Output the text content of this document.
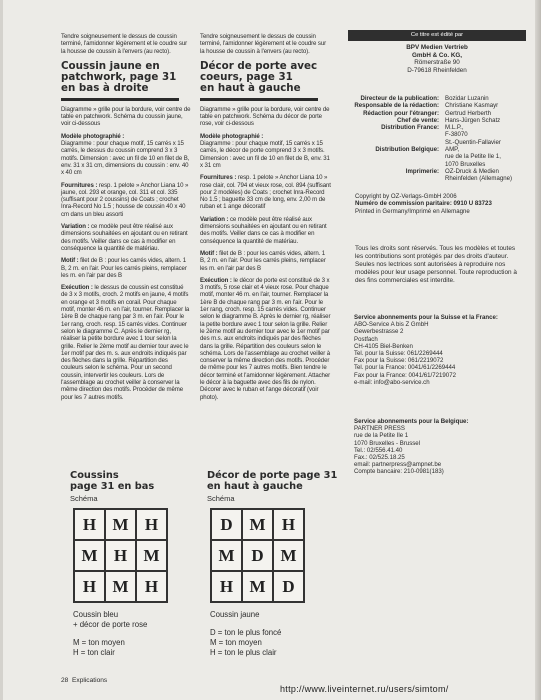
Tendre soigneusement le dessus de coussin terminé, l'amidonner légèrement et le coudre sur la housse de coussin à l'envers (au recto).

Coussin jaune en
patchwork, page 31
en bas à droite

Diagramme » grille pour la bordure, voir centre de table en patchwork. Schéma du coussin jaune, voir ci-dessous

Modèle photographié :
Diagramme : pour chaque motif, 15 carrés x 15 carrés, le dessus du coussin comprend 3 x 3 motifs. Dimension : avec un fil de 10 en filet de B, env. 31 x 31 cm, dimensions du coussin : env. 40 x 40 cm

Fournitures : resp. 1 pelote » Anchor Liana 10 » jaune, col. 293 et orange, col. 311 et col. 335 (suffisant pour 2 coussins) de Coats ; crochet Inra-Record No 1.5 ; housse de coussin 40 x 40 cm dans un bleu assorti

Variation : ce modèle peut être réalisé aux dimensions souhaitées en ajoutant ou en retirant des motifs. Veiller dans ce cas à modifier en conséquence la quantité de matériau.

Motif : filet de B : pour les carrés vides, altern. 1 B, 2 m. en l'air. Pour les carrés pleins, remplacer les m. en l'air par des B

Exécution : le dessus de coussin est constitué de 3 x 3 motifs, croch. 2 motifs en jaune, 4 motifs en orange et 3 motifs en corail. Pour chaque motif, monter 46 m. en l'air, tourner. Remplacer la 1ère B de chaque rang par 3 m. en l'air. Pour le 1er rang, croch. resp. 15 carrés vides. Continuer selon le diagramme C. Après le dernier rg, réaliser la petite bordure avec 1 tour selon la grille. Relier le 2ème motif au dernier tour avec le 1er motif par des m. s. aux endroits indiqués par des flèches dans la grille. Répartition des couleurs selon le schéma. Pour un second coussin, intervertir les couleurs. Lors de l'assemblage au crochet veiller à conserver la même direction des motifs. Procéder de même pour les 7 autres motifs.

Tendre soigneusement le dessus de coussin terminé, l'amidonner légèrement et le coudre sur la housse de coussin à l'envers (au recto).

Décor de porte avec
coeurs, page 31
en haut à gauche

Diagramme » grille pour la bordure, voir centre de table en patchwork. Schéma du décor de porte rose, voir ci-dessous

Modèle photographié :
Diagramme : pour chaque motif, 15 carrés x 15 carrés, le décor de porte comprend 3 x 3 motifs. Dimension : avec un fil de 10 en filet de B, env. 31 x 31 cm

Fournitures : resp. 1 pelote » Anchor Liana 10 » rose clair, col. 794 et vieux rose, col. 894 (suffisant pour 2 modèles) de Coats ; crochet Inra-Record No 1.5 ; baguette 33 cm de long, env. 2,00 m de ruban et 1 ange décoratif

Variation : ce modèle peut être réalisé aux dimensions souhaitées en ajoutant ou en retirant des motifs. Veiller dans ce cas à modifier en conséquence la quantité de matériau.

Motif : filet de B : pour les carrés vides, altern. 1 B, 2 m. en l'air. Pour les carrés pleins, remplacer les m. en l'air par des B

Exécution : le décor de porte est constitué de 3 x 3 motifs, 5 rose clair et 4 vieux rose. Pour chaque motif, monter 46 m. en l'air, tourner. Remplacer la 1ère B de chaque rang par 3 m. en l'air. Pour le 1er rang, croch. resp. 15 carrés vides. Continuer selon le diagramme B. Après le dernier rg, réaliser la petite bordure avec 1 tour selon la grille. Relier le 2ème motif au dernier tour avec le 1er motif par des m.s. aux endroits indiqués par des flèches dans la grille. Répartition des couleurs selon le schéma. Lors de l'assemblage au crochet veiller à conserver la même direction des motifs. Procéder de même pour les 7 autres motifs. Bien tendre le décor terminé et l'amidonner légèrement. Attacher le décor à la baguette avec des fils de nylon. Décorer avec le ruban et l'ange décoratif (voir photo).

Ce titre est édité par
BPV Medien Vertrieb
GmbH & Co. KG,
Römerstraße 90
D-79618 Rheinfelden
Directeur de la publication: Bozidar Luzanin
Responsable de la rédaction: Christiane Kasmayr
Rédaction pour l'étranger: Gertrud Herberth
Chef de vente: Hans-Jürgen Schatz
Distribution France: M.L.P.,
F-38070
St.-Quentin-Fallavier
Distribution Belgique: AMP,
rue de la Petite Ile 1,
1070 Bruxelles
Imprimerie: OZ-Druck & Medien
Rheinfelden (Allemagne)
Copyright by OZ-Verlags-GmbH 2006
Numéro de commission paritaire: 0910 U 83723
Printed in Germany/Imprimé en Allemagne
Tous les droits sont réservés. Tous les modèles et toutes les contributions sont protégés par des droits d'auteur. Seules nos lectrices sont autorisées à reproduire nos modèles pour leur usage personnel. Toute reproduction à des fins commerciales est interdite.
Service abonnements pour la Suisse et la France:
ABO-Service A bis Z GmbH
Gewerbestrasse 2
Postfach
CH-4105 Biel-Benken
Tel. pour la Suisse: 061/2269444
Fax pour la Suisse: 061/2219072
Tel. pour la France: 0041/61/2269444
Fax pour la France: 0041/61/7219072
e-mail: info@abo-service.ch
Service abonnements pour la Belgique:
PARTNER PRESS
rue de la Petite Ile 1
1070 Bruxelles - Brussel
Tel.: 02/556.41.40
Fax.: 02/525.18.25
email: partnerpress@ampnet.be
Compte bancaire: 210-0981(183)
Coussins
page 31 en bas
Schéma
H M H
M H M
H M H
Coussin bleu
+ décor de porte rose
M = ton moyen
H = ton clair
Décor de porte page 31
en haut à gauche
Schéma
D M H
M D M
H M D
Coussin jaune
D = ton le plus foncé
M = ton moyen
H = ton le plus clair
28 Explications
http://www.liveinternet.ru/users/simtom/
